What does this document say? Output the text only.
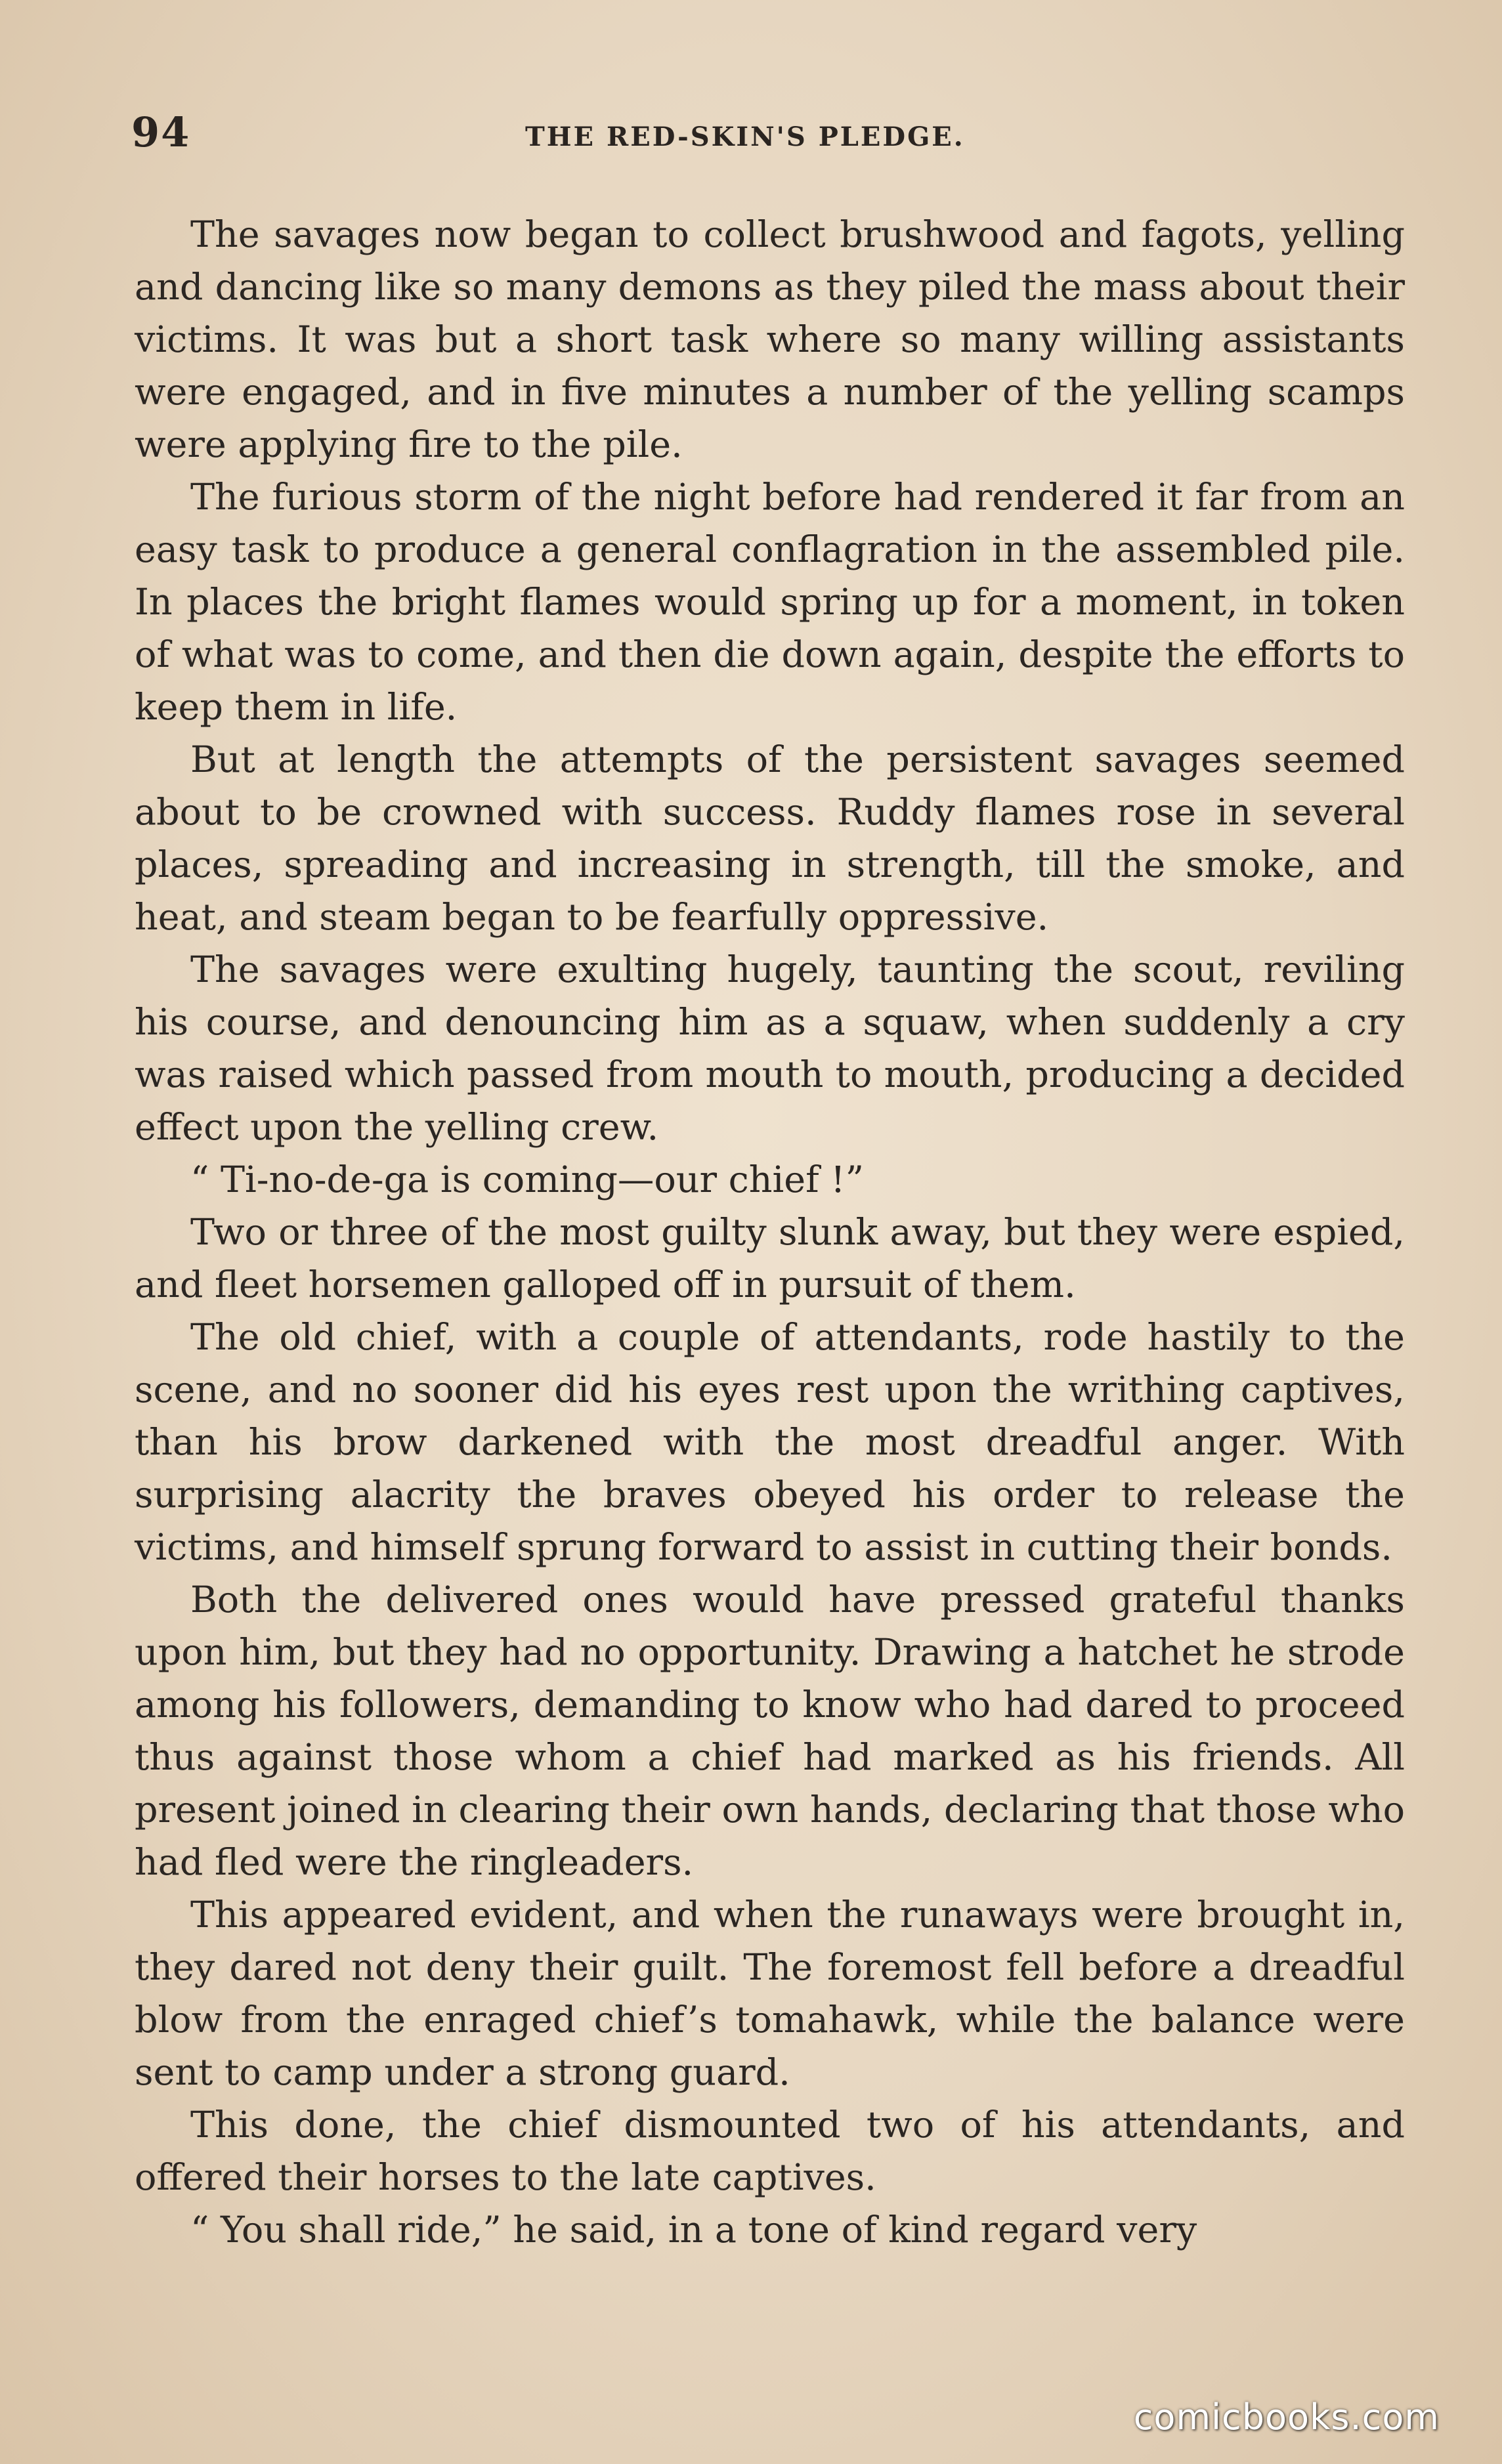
94	THE RED-SKIN'S PLEDGE.

The savages now began to collect brushwood and fagots, yelling and dancing like so many demons as they piled the mass about their victims. It was but a short task where so many willing assistants were engaged, and in five minutes a number of the yelling scamps were applying fire to the pile.

The furious storm of the night before had rendered it far from an easy task to produce a general conflagration in the assembled pile. In places the bright flames would spring up for a moment, in token of what was to come, and then die down again, despite the efforts to keep them in life.

But at length the attempts of the persistent savages seemed about to be crowned with success. Ruddy flames rose in several places, spreading and increasing in strength, till the smoke, and heat, and steam began to be fearfully oppressive.

The savages were exulting hugely, taunting the scout, reviling his course, and denouncing him as a squaw, when suddenly a cry was raised which passed from mouth to mouth, producing a decided effect upon the yelling crew.

“ Ti-no-de-ga is coming—our chief !”

Two or three of the most guilty slunk away, but they were espied, and fleet horsemen galloped off in pursuit of them.

The old chief, with a couple of attendants, rode hastily to the scene, and no sooner did his eyes rest upon the writhing captives, than his brow darkened with the most dreadful anger. With surprising alacrity the braves obeyed his order to release the victims, and himself sprung forward to assist in cutting their bonds.

Both the delivered ones would have pressed grateful thanks upon him, but they had no opportunity. Drawing a hatchet he strode among his followers, demanding to know who had dared to proceed thus against those whom a chief had marked as his friends. All present joined in clearing their own hands, declaring that those who had fled were the ringleaders.

This appeared evident, and when the runaways were brought in, they dared not deny their guilt. The foremost fell before a dreadful blow from the enraged chief’s tomahawk, while the balance were sent to camp under a strong guard.

This done, the chief dismounted two of his attendants, and offered their horses to the late captives.

“ You shall ride,” he said, in a tone of kind regard very

comicbooks.com
